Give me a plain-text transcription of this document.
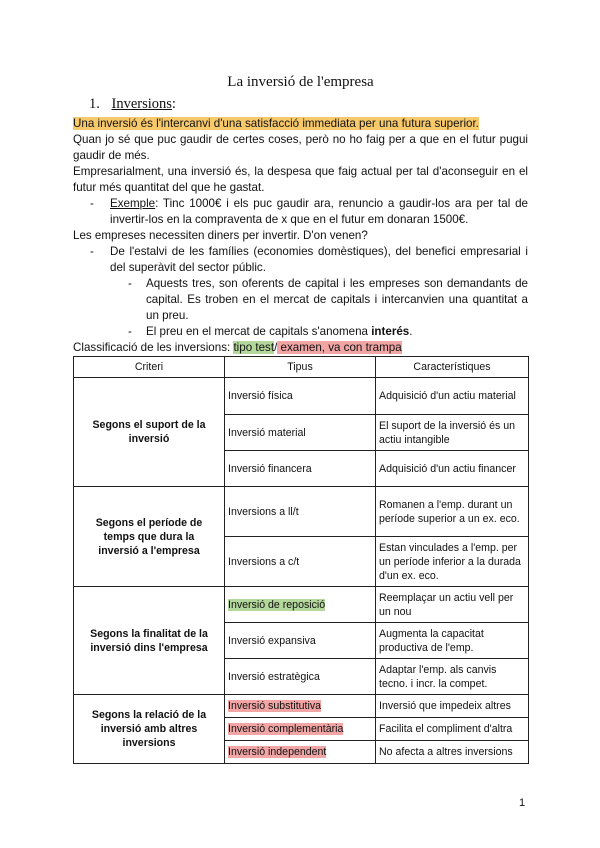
La inversió de l'empresa
1. Inversions:

Una inversió és l'intercanvi d'una satisfacció immediata per una futura superior.

Quan jo sé que puc gaudir de certes coses, però no ho faig per a que en el futur pugui gaudir de més.

Empresarialment, una inversió és, la despesa que faig actual per tal d'aconseguir en el futur més quantitat del que he gastat.

- Exemple: Tinc 1000€ i els puc gaudir ara, renuncio a gaudir-los ara per tal de invertir-los en la compraventa de x que en el futur em donaran 1500€.

Les empreses necessiten diners per invertir. D'on venen?

- De l'estalvi de les famílies (economies domèstiques), del benefici empresarial i del superàvit del sector públic.

- Aquests tres, son oferents de capital i les empreses son demandants de capital. Es troben en el mercat de capitals i intercanvien una quantitat a un preu.

- El preu en el mercat de capitals s'anomena interés.

Classificació de les inversions: tipo test/ examen, va con trampa

Criteri	Tipus	Característiques
Segons el suport de la inversió	Inversió física	Adquisició d'un actiu material
	Inversió material	El suport de la inversió és un actiu intangible
	Inversió financera	Adquisició d'un actiu financer
Segons el període de temps que dura la inversió a l'empresa	Inversions a ll/t	Romanen a l'emp. durant un període superior a un ex. eco.
	Inversions a c/t	Estan vinculades a l'emp. per un període inferior a la durada d'un ex. eco.
Segons la finalitat de la inversió dins l'empresa	Inversió de reposició	Reemplaçar un actiu vell per un nou
	Inversió expansiva	Augmenta la capacitat productiva de l'emp.
	Inversió estratègica	Adaptar l'emp. als canvis tecno. i incr. la compet.
Segons la relació de la inversió amb altres inversions	Inversió substitutiva	Inversió que impedeix altres
	Inversió complementària	Facilita el compliment d'altra
	Inversió independent	No afecta a altres inversions
1
